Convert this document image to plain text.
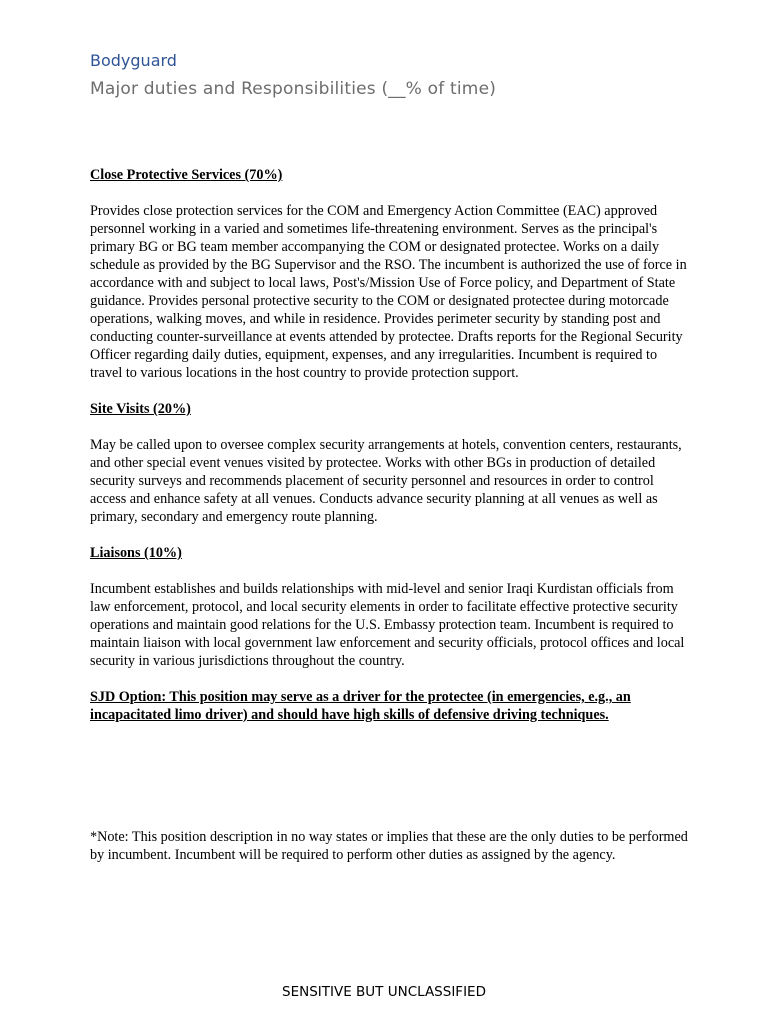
Bodyguard
Major duties and Responsibilities (__% of time)

Close Protective Services (70%)

Provides close protection services for the COM and Emergency Action Committee (EAC) approved personnel working in a varied and sometimes life-threatening environment. Serves as the principal's primary BG or BG team member accompanying the COM or designated protectee. Works on a daily schedule as provided by the BG Supervisor and the RSO. The incumbent is authorized the use of force in accordance with and subject to local laws, Post's/Mission Use of Force policy, and Department of State guidance. Provides personal protective security to the COM or designated protectee during motorcade operations, walking moves, and while in residence. Provides perimeter security by standing post and conducting counter-surveillance at events attended by protectee. Drafts reports for the Regional Security Officer regarding daily duties, equipment, expenses, and any irregularities. Incumbent is required to travel to various locations in the host country to provide protection support.

Site Visits (20%)

May be called upon to oversee complex security arrangements at hotels, convention centers, restaurants, and other special event venues visited by protectee. Works with other BGs in production of detailed security surveys and recommends placement of security personnel and resources in order to control access and enhance safety at all venues. Conducts advance security planning at all venues as well as primary, secondary and emergency route planning.

Liaisons (10%)

Incumbent establishes and builds relationships with mid-level and senior Iraqi Kurdistan officials from law enforcement, protocol, and local security elements in order to facilitate effective protective security operations and maintain good relations for the U.S. Embassy protection team. Incumbent is required to maintain liaison with local government law enforcement and security officials, protocol offices and local security in various jurisdictions throughout the country.

SJD Option: This position may serve as a driver for the protectee (in emergencies, e.g., an incapacitated limo driver) and should have high skills of defensive driving techniques.

*Note: This position description in no way states or implies that these are the only duties to be performed by incumbent. Incumbent will be required to perform other duties as assigned by the agency.

SENSITIVE BUT UNCLASSIFIED
